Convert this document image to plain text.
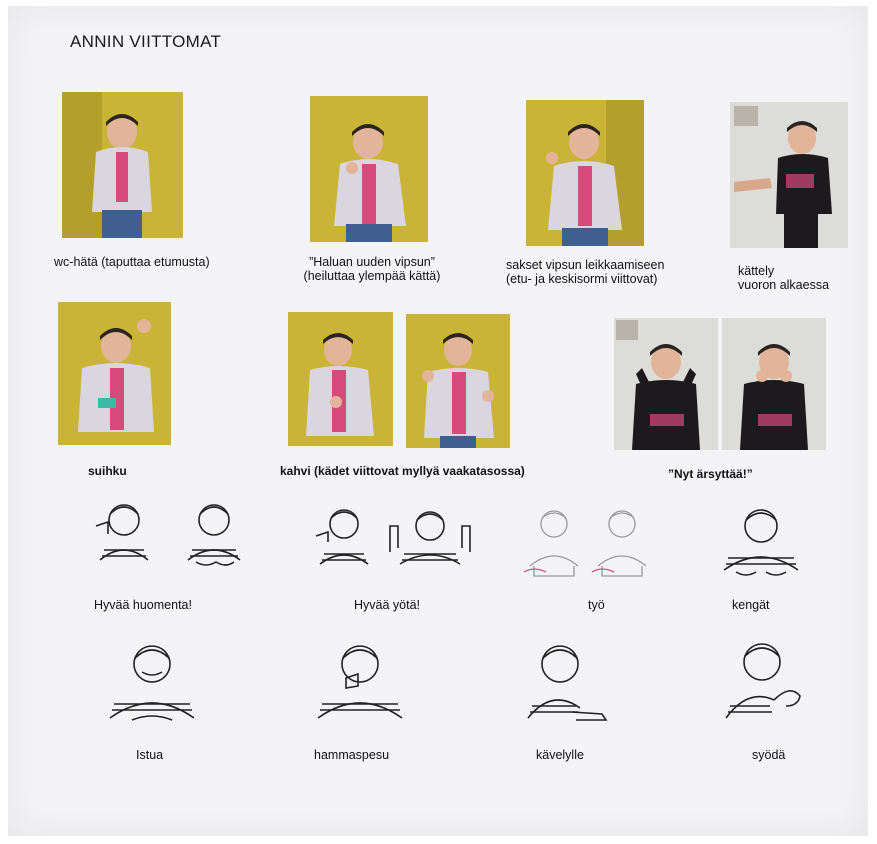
ANNIN VIITTOMAT
wc-hätä (taputtaa etumusta)	”Haluan uuden vipsun”
(heiluttaa ylempää kättä)
sakset vipsun leikkaamiseen
(etu- ja keskisormi viittovat)
kättely
vuoron alkaessa
suihku	kahvi (kädet viittovat myllyä vaakatasossa)	”Nyt ärsyttää!”
Hyvää huomenta!	Hyvää yötä!	työ	kengät
Istua	hammaspesu	kävelylle	syödä
